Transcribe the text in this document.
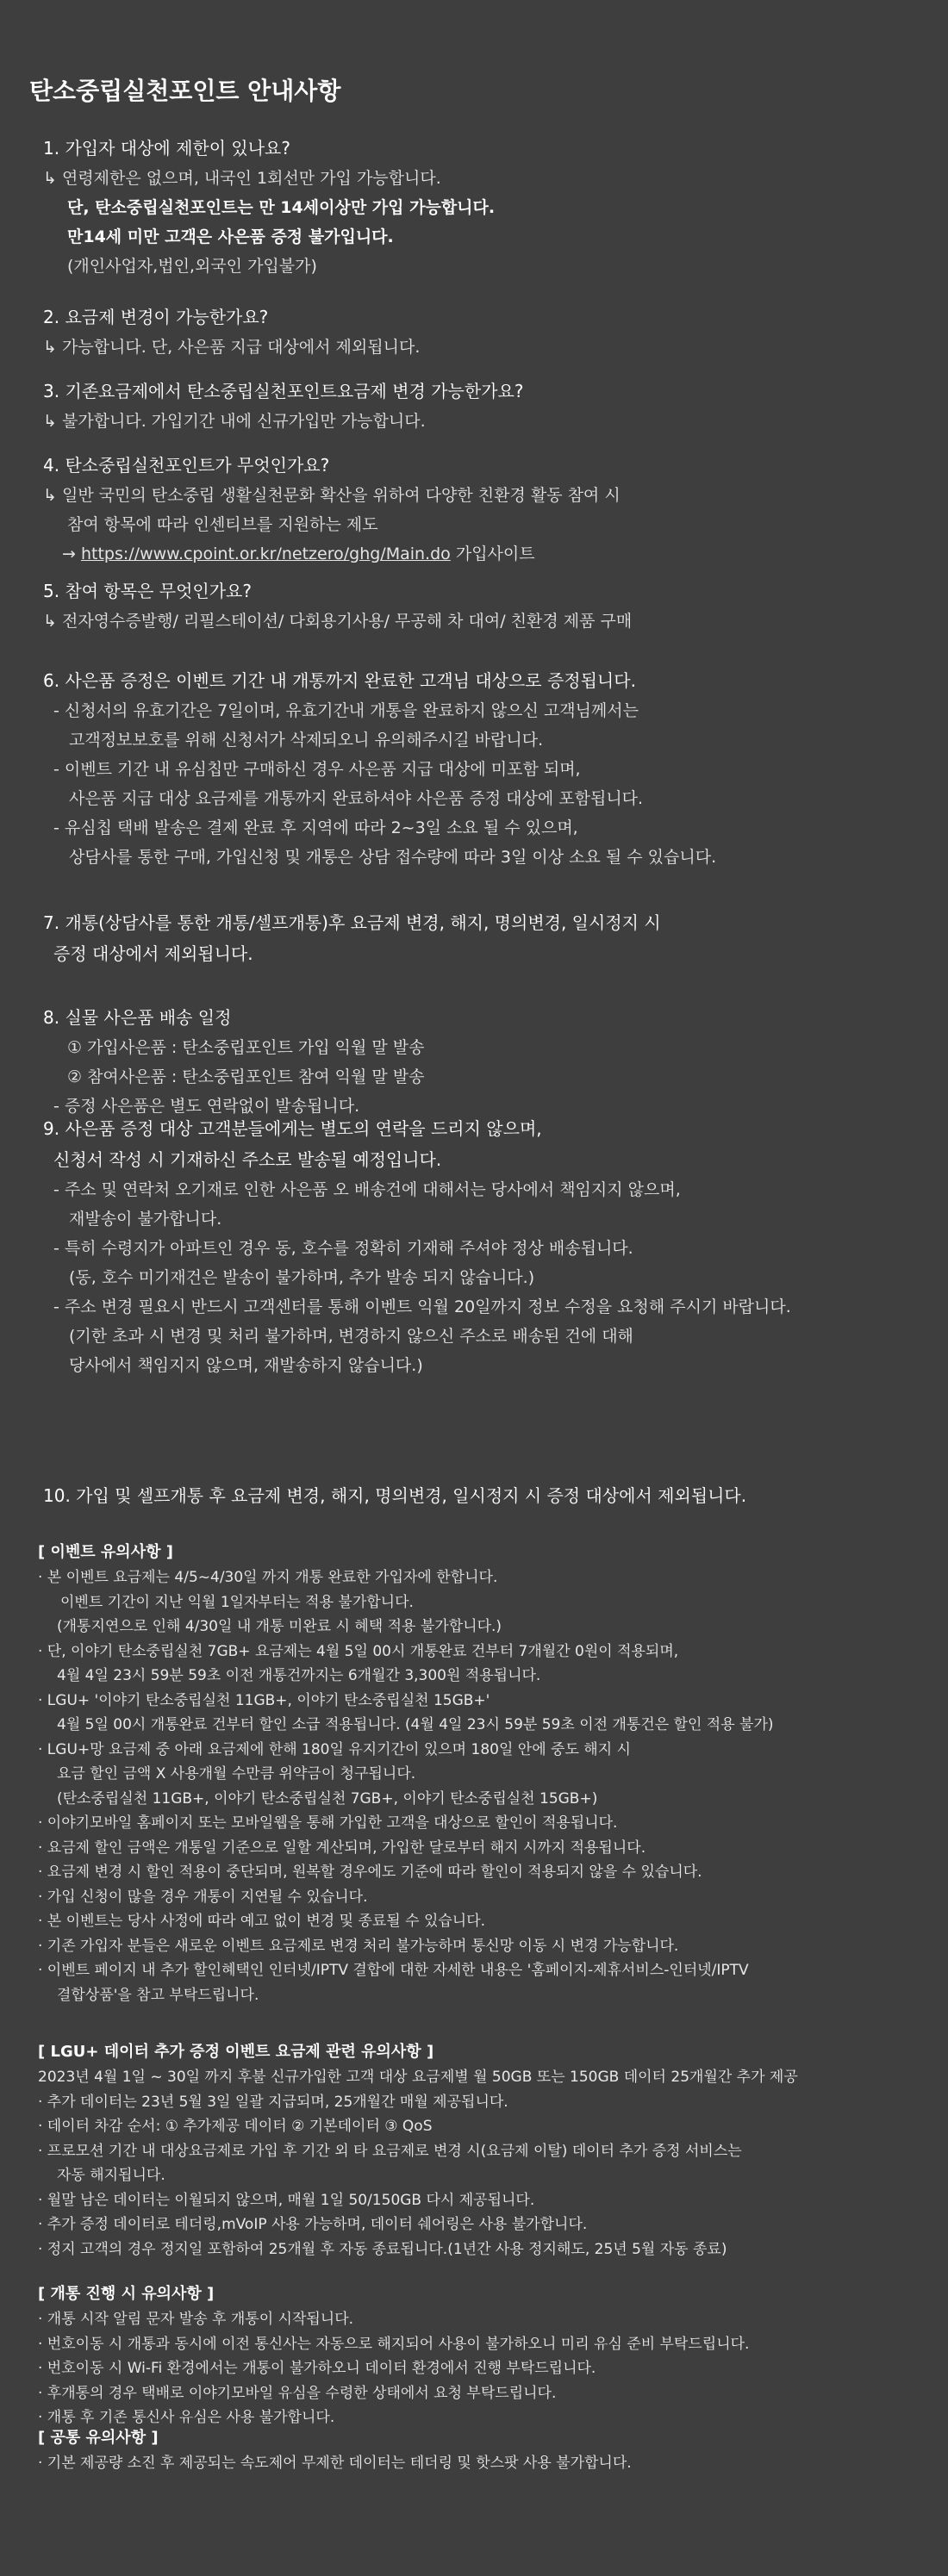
탄소중립실천포인트 안내사항
1. 가입자 대상에 제한이 있나요?
↳ 연령제한은 없으며, 내국인 1회선만 가입 가능합니다.
단, 탄소중립실천포인트는 만 14세이상만 가입 가능합니다.
만14세 미만 고객은 사은품 증정 불가입니다.
(개인사업자,법인,외국인 가입불가)
2. 요금제 변경이 가능한가요?
↳ 가능합니다. 단, 사은품 지급 대상에서 제외됩니다.
3. 기존요금제에서 탄소중립실천포인트요금제 변경 가능한가요?
↳ 불가합니다. 가입기간 내에 신규가입만 가능합니다.
4. 탄소중립실천포인트가 무엇인가요?
↳ 일반 국민의 탄소중립 생활실천문화 확산을 위하여 다양한 친환경 활동 참여 시
참여 항목에 따라 인센티브를 지원하는 제도
→ https://www.cpoint.or.kr/netzero/ghg/Main.do 가입사이트
5. 참여 항목은 무엇인가요?
↳ 전자영수증발행/ 리필스테이션/ 다회용기사용/ 무공해 차 대여/ 친환경 제품 구매
6. 사은품 증정은 이벤트 기간 내 개통까지 완료한 고객님 대상으로 증정됩니다.
- 신청서의 유효기간은 7일이며, 유효기간내 개통을 완료하지 않으신 고객님께서는
고객정보보호를 위해 신청서가 삭제되오니 유의해주시길 바랍니다.
- 이벤트 기간 내 유심칩만 구매하신 경우 사은품 지급 대상에 미포함 되며,
사은품 지급 대상 요금제를 개통까지 완료하셔야 사은품 증정 대상에 포함됩니다.
- 유심칩 택배 발송은 결제 완료 후 지역에 따라 2~3일 소요 될 수 있으며,
상담사를 통한 구매, 가입신청 및 개통은 상담 접수량에 따라 3일 이상 소요 될 수 있습니다.
7. 개통(상담사를 통한 개통/셀프개통)후 요금제 변경, 해지, 명의변경, 일시정지 시
증정 대상에서 제외됩니다.
8. 실물 사은품 배송 일정
① 가입사은품 : 탄소중립포인트 가입 익월 말 발송
② 참여사은품 : 탄소중립포인트 참여 익월 말 발송
- 증정 사은품은 별도 연락없이 발송됩니다.
9. 사은품 증정 대상 고객분들에게는 별도의 연락을 드리지 않으며,
신청서 작성 시 기재하신 주소로 발송될 예정입니다.
- 주소 및 연락처 오기재로 인한 사은품 오 배송건에 대해서는 당사에서 책임지지 않으며,
재발송이 불가합니다.
- 특히 수령지가 아파트인 경우 동, 호수를 정확히 기재해 주셔야 정상 배송됩니다.
(동, 호수 미기재건은 발송이 불가하며, 추가 발송 되지 않습니다.)
- 주소 변경 필요시 반드시 고객센터를 통해 이벤트 익월 20일까지 정보 수정을 요청해 주시기 바랍니다.
(기한 초과 시 변경 및 처리 불가하며, 변경하지 않으신 주소로 배송된 건에 대해
당사에서 책임지지 않으며, 재발송하지 않습니다.)
10. 가입 및 셀프개통 후 요금제 변경, 해지, 명의변경, 일시정지 시 증정 대상에서 제외됩니다.
[ 이벤트 유의사항 ]
· 본 이벤트 요금제는 4/5~4/30일 까지 개통 완료한 가입자에 한합니다.
이벤트 기간이 지난 익월 1일자부터는 적용 불가합니다.
(개통지연으로 인해 4/30일 내 개통 미완료 시 혜택 적용 불가합니다.)
· 단, 이야기 탄소중립실천 7GB+ 요금제는 4월 5일 00시 개통완료 건부터 7개월간 0원이 적용되며,
4월 4일 23시 59분 59초 이전 개통건까지는 6개월간 3,300원 적용됩니다.
· LGU+ '이야기 탄소중립실천 11GB+, 이야기 탄소중립실천 15GB+'
4월 5일 00시 개통완료 건부터 할인 소급 적용됩니다. (4월 4일 23시 59분 59초 이전 개통건은 할인 적용 불가)
· LGU+망 요금제 중 아래 요금제에 한해 180일 유지기간이 있으며 180일 안에 중도 해지 시
요금 할인 금액 X 사용개월 수만큼 위약금이 청구됩니다.
(탄소중립실천 11GB+, 이야기 탄소중립실천 7GB+, 이야기 탄소중립실천 15GB+)
· 이야기모바일 홈페이지 또는 모바일웹을 통해 가입한 고객을 대상으로 할인이 적용됩니다.
· 요금제 할인 금액은 개통일 기준으로 일할 계산되며, 가입한 달로부터 해지 시까지 적용됩니다.
· 요금제 변경 시 할인 적용이 중단되며, 원복할 경우에도 기준에 따라 할인이 적용되지 않을 수 있습니다.
· 가입 신청이 많을 경우 개통이 지연될 수 있습니다.
· 본 이벤트는 당사 사정에 따라 예고 없이 변경 및 종료될 수 있습니다.
· 기존 가입자 분들은 새로운 이벤트 요금제로 변경 처리 불가능하며 통신망 이동 시 변경 가능합니다.
· 이벤트 페이지 내 추가 할인혜택인 인터넷/IPTV 결합에 대한 자세한 내용은 '홈페이지-제휴서비스-인터넷/IPTV
결합상품'을 참고 부탁드립니다.
[ LGU+ 데이터 추가 증정 이벤트 요금제 관련 유의사항 ]
2023년 4월 1일 ~ 30일 까지 후불 신규가입한 고객 대상 요금제별 월 50GB 또는 150GB 데이터 25개월간 추가 제공
· 추가 데이터는 23년 5월 3일 일괄 지급되며, 25개월간 매월 제공됩니다.
· 데이터 차감 순서: ① 추가제공 데이터 ② 기본데이터 ③ QoS
· 프로모션 기간 내 대상요금제로 가입 후 기간 외 타 요금제로 변경 시(요금제 이탈) 데이터 추가 증정 서비스는
자동 해지됩니다.
· 월말 남은 데이터는 이월되지 않으며, 매월 1일 50/150GB 다시 제공됩니다.
· 추가 증정 데이터로 테더링,mVoIP 사용 가능하며, 데이터 쉐어링은 사용 불가합니다.
· 정지 고객의 경우 정지일 포함하여 25개월 후 자동 종료됩니다.(1년간 사용 정지해도, 25년 5월 자동 종료)
[ 개통 진행 시 유의사항 ]
· 개통 시작 알림 문자 발송 후 개통이 시작됩니다.
· 번호이동 시 개통과 동시에 이전 통신사는 자동으로 해지되어 사용이 불가하오니 미리 유심 준비 부탁드립니다.
· 번호이동 시 Wi-Fi 환경에서는 개통이 불가하오니 데이터 환경에서 진행 부탁드립니다.
· 후개통의 경우 택배로 이야기모바일 유심을 수령한 상태에서 요청 부탁드립니다.
· 개통 후 기존 통신사 유심은 사용 불가합니다.
[ 공통 유의사항 ]
· 기본 제공량 소진 후 제공되는 속도제어 무제한 데이터는 테더링 및 핫스팟 사용 불가합니다.
